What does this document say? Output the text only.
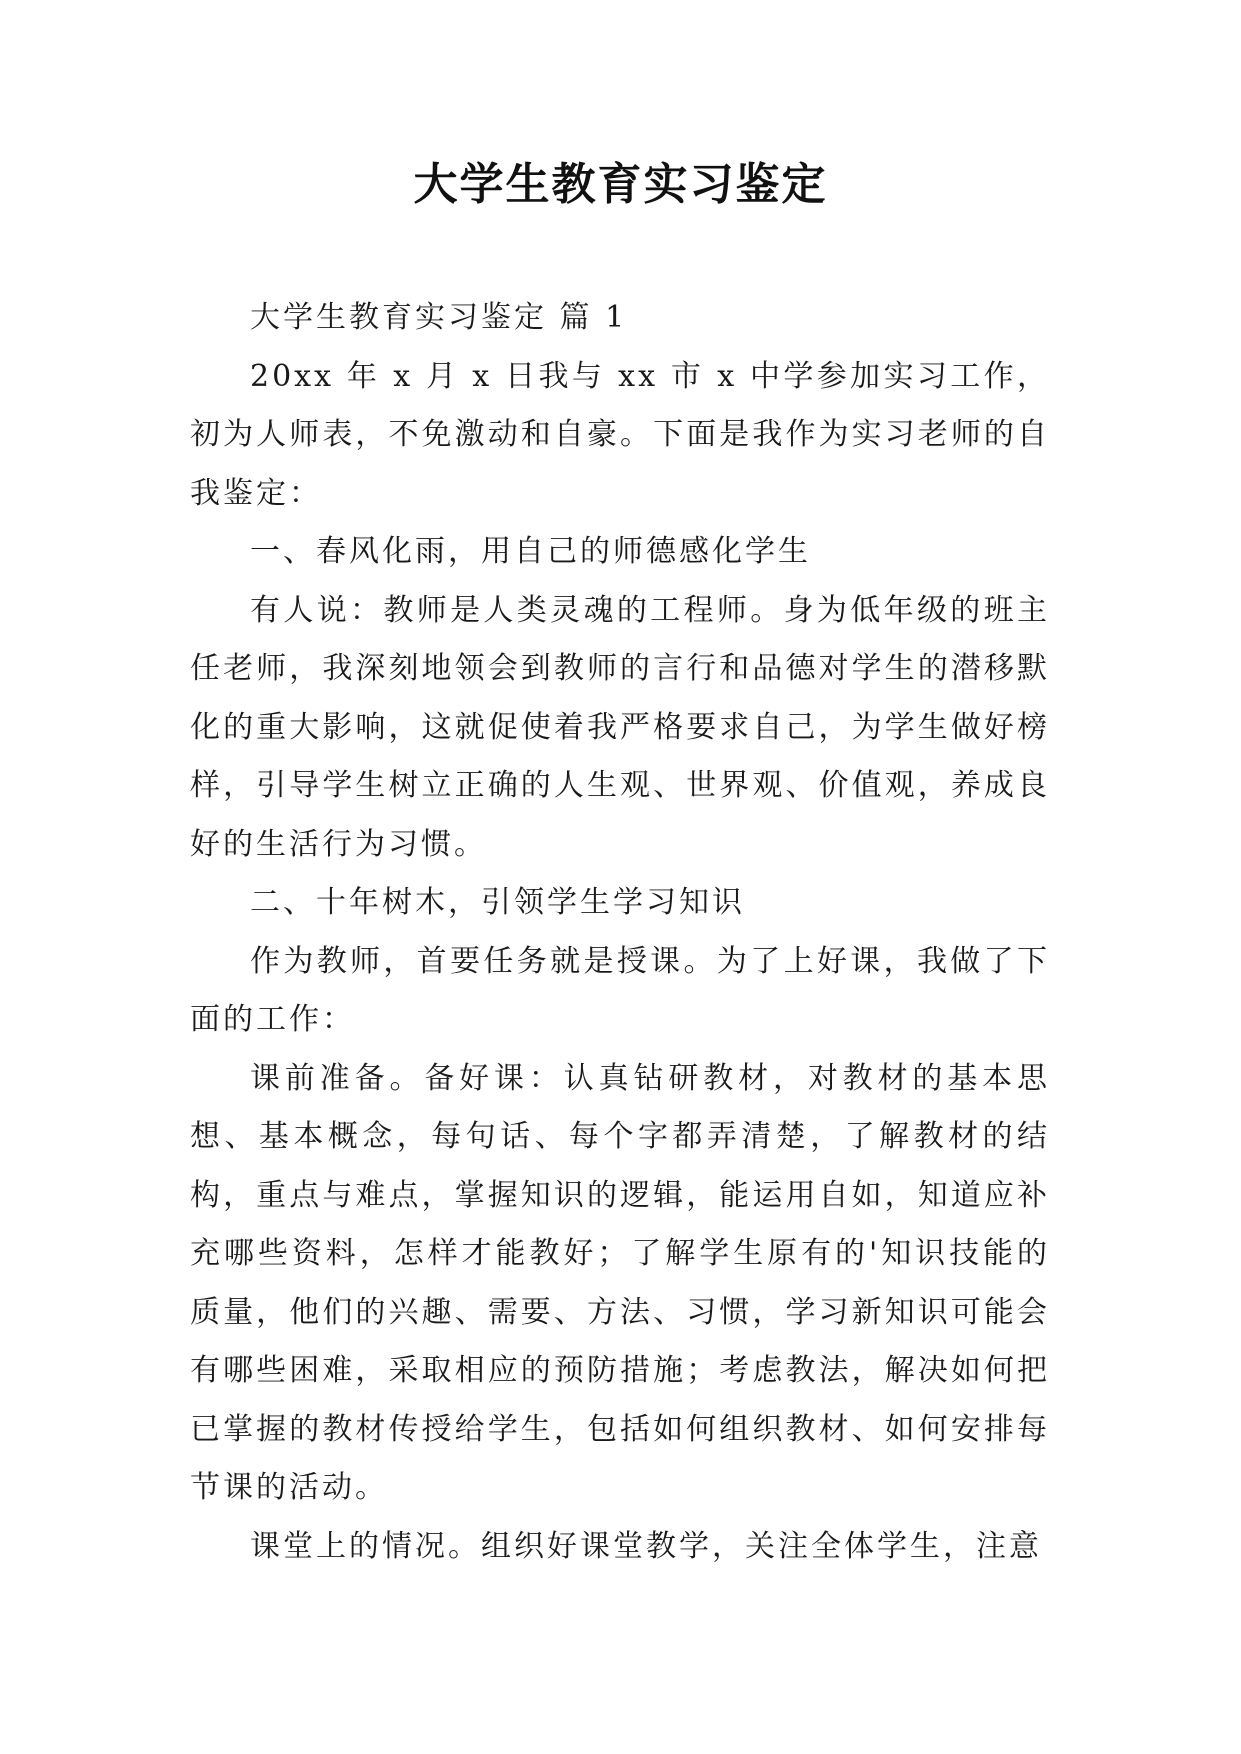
大学生教育实习鉴定

大学生教育实习鉴定 篇 1

20xx 年 x 月 x 日我与 xx 市 x 中学参加实习工作，初为人师表，不免激动和自豪。下面是我作为实习老师的自我鉴定：

一、春风化雨，用自己的师德感化学生

有人说：教师是人类灵魂的工程师。身为低年级的班主任老师，我深刻地领会到教师的言行和品德对学生的潜移默化的重大影响，这就促使着我严格要求自己，为学生做好榜样，引导学生树立正确的人生观、世界观、价值观，养成良好的生活行为习惯。

二、十年树木，引领学生学习知识

作为教师，首要任务就是授课。为了上好课，我做了下面的工作：

课前准备。备好课：认真钻研教材，对教材的基本思想、基本概念，每句话、每个字都弄清楚，了解教材的结构，重点与难点，掌握知识的逻辑，能运用自如，知道应补充哪些资料，怎样才能教好；了解学生原有的'知识技能的质量，他们的兴趣、需要、方法、习惯，学习新知识可能会有哪些困难，采取相应的预防措施；考虑教法，解决如何把已掌握的教材传授给学生，包括如何组织教材、如何安排每节课的活动。

课堂上的情况。组织好课堂教学，关注全体学生，注意
